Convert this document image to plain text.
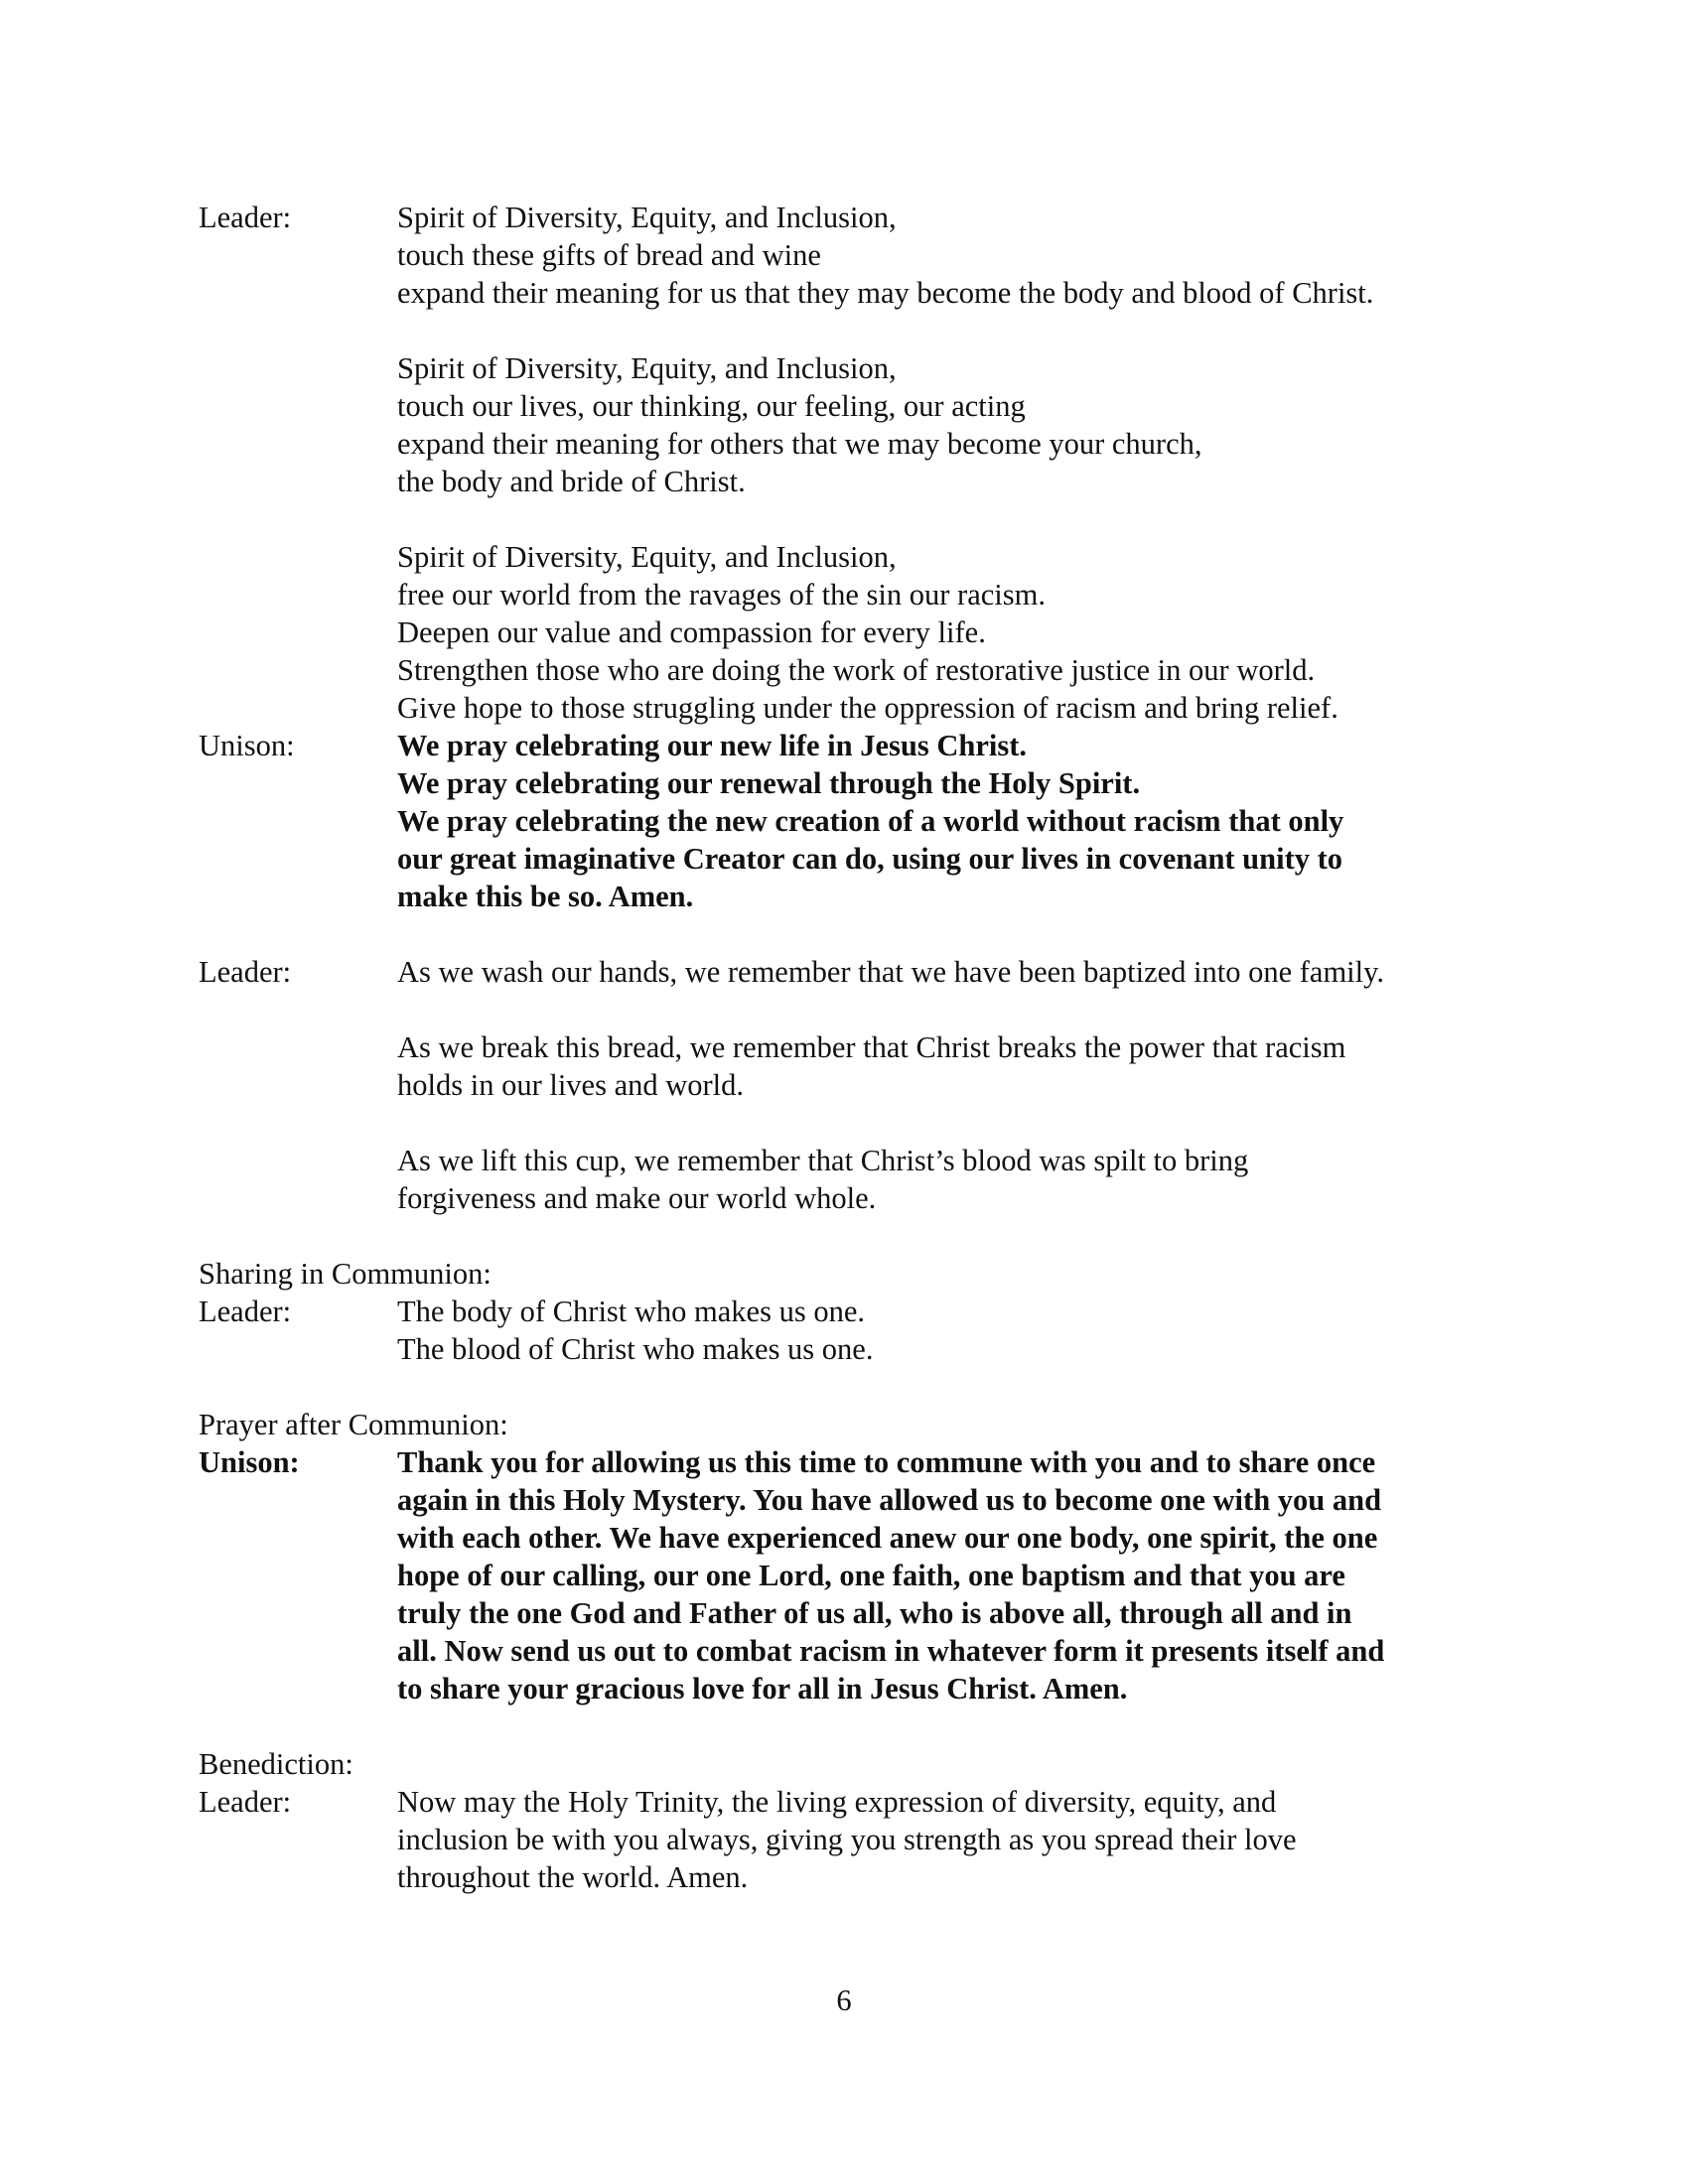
Leader:	Spirit of Diversity, Equity, and Inclusion,
touch these gifts of bread and wine
expand their meaning for us that they may become the body and blood of Christ.
Spirit of Diversity, Equity, and Inclusion,
touch our lives, our thinking, our feeling, our acting
expand their meaning for others that we may become your church,
the body and bride of Christ.
Spirit of Diversity, Equity, and Inclusion,
free our world from the ravages of the sin our racism.
Deepen our value and compassion for every life.
Strengthen those who are doing the work of restorative justice in our world.
Give hope to those struggling under the oppression of racism and bring relief.
Unison:	We pray celebrating our new life in Jesus Christ.
We pray celebrating our renewal through the Holy Spirit.
We pray celebrating the new creation of a world without racism that only
our great imaginative Creator can do, using our lives in covenant unity to
make this be so. Amen.
Leader:	As we wash our hands, we remember that we have been baptized into one family.
As we break this bread, we remember that Christ breaks the power that racism
holds in our lives and world.
As we lift this cup, we remember that Christ’s blood was spilt to bring
forgiveness and make our world whole.
Sharing in Communion:
Leader:	The body of Christ who makes us one.
The blood of Christ who makes us one.
Prayer after Communion:
Unison:	Thank you for allowing us this time to commune with you and to share once
again in this Holy Mystery. You have allowed us to become one with you and
with each other. We have experienced anew our one body, one spirit, the one
hope of our calling, our one Lord, one faith, one baptism and that you are
truly the one God and Father of us all, who is above all, through all and in
all. Now send us out to combat racism in whatever form it presents itself and
to share your gracious love for all in Jesus Christ. Amen.
Benediction:
Leader:	Now may the Holy Trinity, the living expression of diversity, equity, and
inclusion be with you always, giving you strength as you spread their love
throughout the world. Amen.
6
